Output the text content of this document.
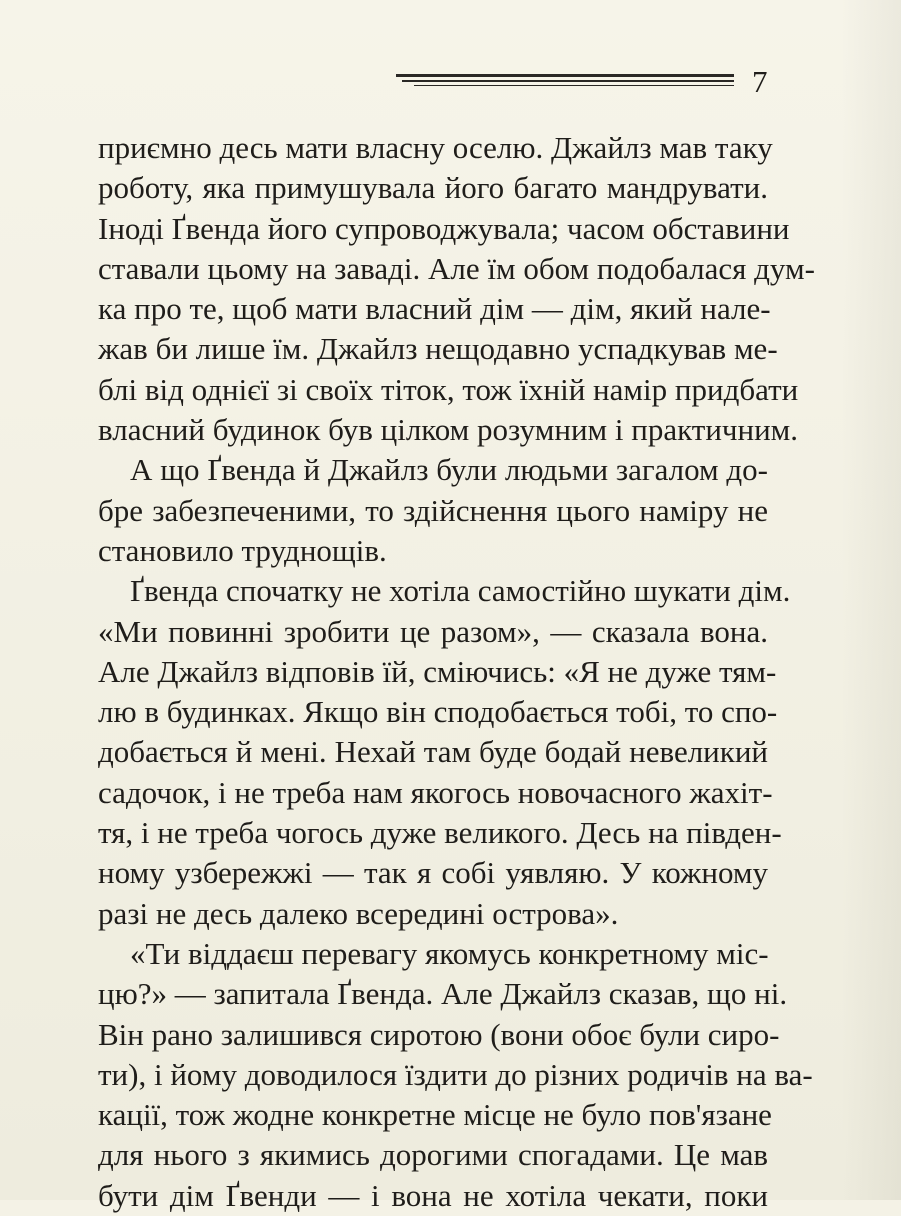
7
приємно десь мати власну оселю. Джайлз мав таку
роботу, яка примушувала його багато мандрувати.
Іноді Ґвенда його супроводжувала; часом обставини
ставали цьому на заваді. Але їм обом подобалася дум-
ка про те, щоб мати власний дім — дім, який нале-
жав би лише їм. Джайлз нещодавно успадкував ме-
блі від однієї зі своїх тіток, тож їхній намір придбати
власний будинок був цілком розумним і практичним.
А що Ґвенда й Джайлз були людьми загалом до-
бре забезпеченими, то здійснення цього наміру не
становило труднощів.
Ґвенда спочатку не хотіла самостійно шукати дім.
«Ми повинні зробити це разом», — сказала вона.
Але Джайлз відповів їй, сміючись: «Я не дуже тям-
лю в будинках. Якщо він сподобається тобі, то спо-
добається й мені. Нехай там буде бодай невеликий
садочок, і не треба нам якогось новочасного жахіт-
тя, і не треба чогось дуже великого. Десь на півден-
ному узбережжі — так я собі уявляю. У кожному
разі не десь далеко всередині острова».
«Ти віддаєш перевагу якомусь конкретному міс-
цю?» — запитала Ґвенда. Але Джайлз сказав, що ні.
Він рано залишився сиротою (вони обоє були сиро-
ти), і йому доводилося їздити до різних родичів на ва-
кації, тож жодне конкретне місце не було пов'язане
для нього з якимись дорогими спогадами. Це мав
бути дім Ґвенди — і вона не хотіла чекати, поки
